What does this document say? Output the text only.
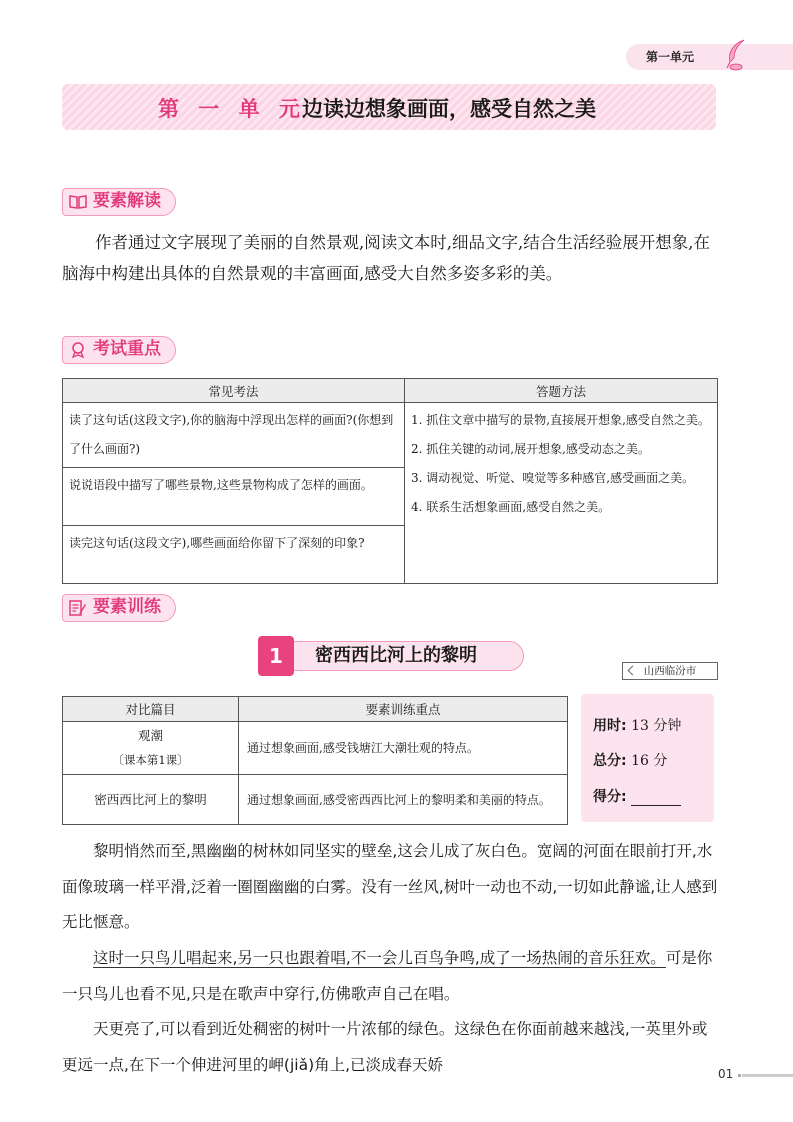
第一单元
第 一 单 元
边读边想象画面，感受自然之美
要素解读

作者通过文字展现了美丽的自然景观,阅读文本时,细品文字,结合生活经验展开想象,在脑海中构建出具体的自然景观的丰富画面,感受大自然多姿多彩的美。

考试重点
常见考法	答题方法
读了这句话(这段文字),你的脑海中浮现出怎样的画面?(你想到了什么画面?)	1. 抓住文章中描写的景物,直接展开想象,感受自然之美。
2. 抓住关键的动词,展开想象,感受动态之美。
3. 调动视觉、听觉、嗅觉等多种感官,感受画面之美。
4. 联系生活想象画面,感受自然之美。

说说语段中描写了哪些景物,这些景物构成了怎样的画面。	
读完这句话(这段文字),哪些画面给你留下了深刻的印象?	
要素训练
密西西比河上的黎明
1
山西临汾市
对比篇目	要素训练重点

观潮
〔课本第1课〕	通过想象画面,感受钱塘江大潮壮观的特点。
密西西比河上的黎明	通过想象画面,感受密西西比河上的黎明柔和美丽的特点。
用时: 13 分钟
总分: 16 分
得分:

黎明悄然而至,黑幽幽的树林如同坚实的壁垒,这会儿成了灰白色。宽阔的河面在眼前打开,水面像玻璃一样平滑,泛着一圈圈幽幽的白雾。没有一丝风,树叶一动也不动,一切如此静谧,让人感到无比惬意。

这时一只鸟儿唱起来,另一只也跟着唱,不一会儿百鸟争鸣,成了一场热闹的音乐狂欢。可是你一只鸟儿也看不见,只是在歌声中穿行,仿佛歌声自己在唱。

天更亮了,可以看到近处稠密的树叶一片浓郁的绿色。这绿色在你面前越来越浅,一英里外或更远一点,在下一个伸进河里的岬(jiǎ)角上,已淡成春天娇

01
